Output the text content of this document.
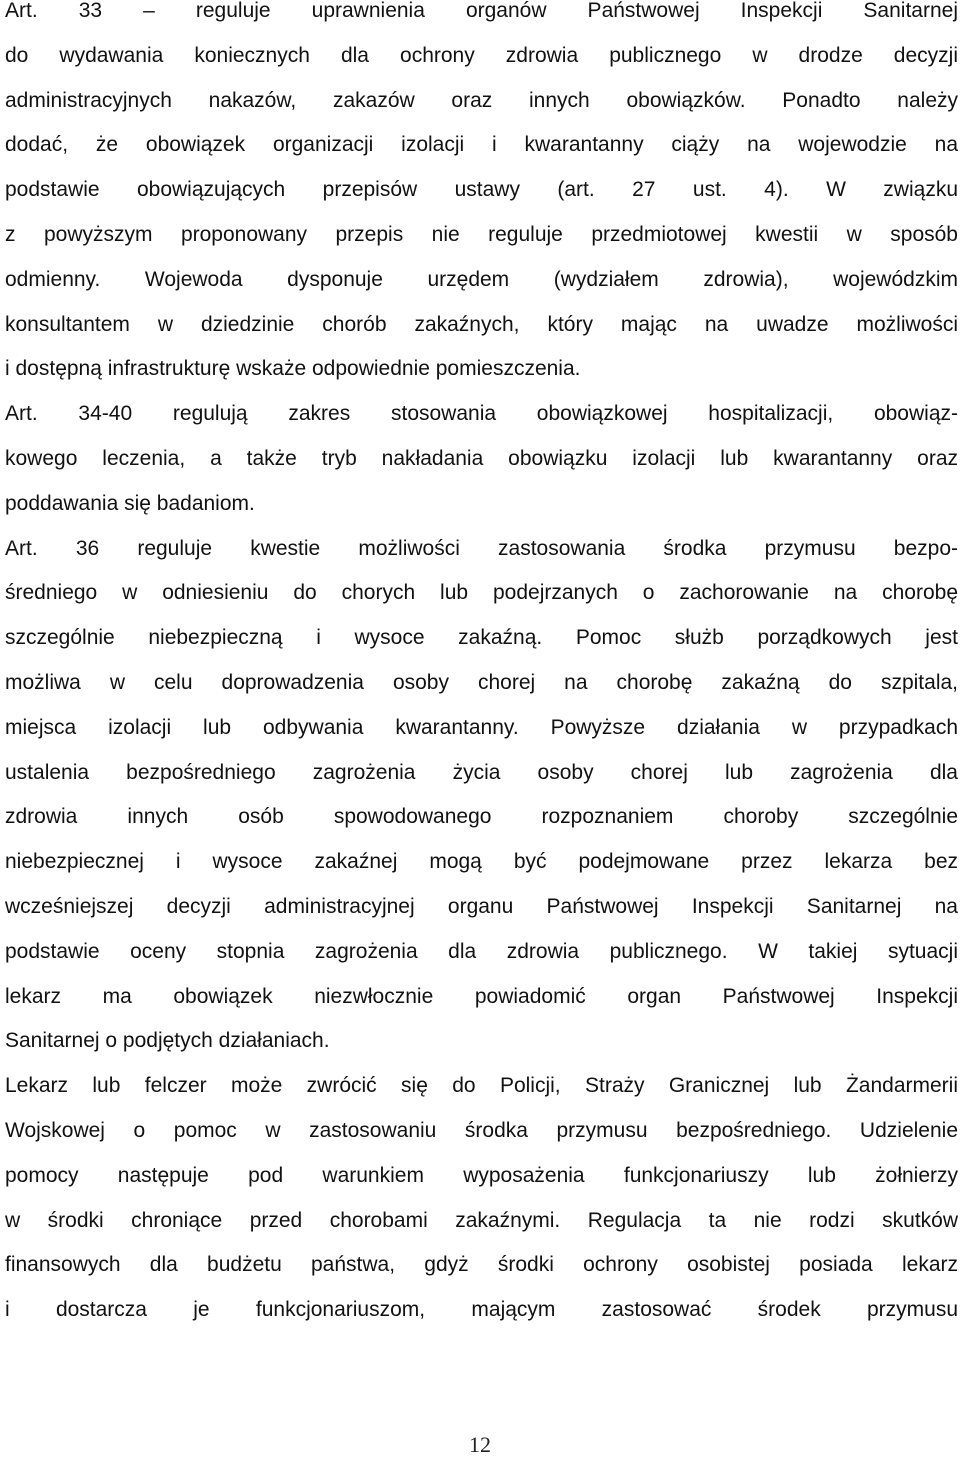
Art. 33 – reguluje uprawnienia organów Państwowej Inspekcji Sanitarnej
do wydawania koniecznych dla ochrony zdrowia publicznego w drodze decyzji
administracyjnych nakazów, zakazów oraz innych obowiązków. Ponadto należy
dodać, że obowiązek organizacji izolacji i kwarantanny ciąży na wojewodzie na
podstawie obowiązujących przepisów ustawy (art. 27 ust. 4). W związku
z powyższym proponowany przepis nie reguluje przedmiotowej kwestii w sposób
odmienny. Wojewoda dysponuje urzędem (wydziałem zdrowia), wojewódzkim
konsultantem w dziedzinie chorób zakaźnych, który mając na uwadze możliwości
i dostępną infrastrukturę wskaże odpowiednie pomieszczenia.
Art. 34-40 regulują zakres stosowania obowiązkowej hospitalizacji, obowiąz-
kowego leczenia, a także tryb nakładania obowiązku izolacji lub kwarantanny oraz
poddawania się badaniom.
Art. 36 reguluje kwestie możliwości zastosowania środka przymusu bezpo-
średniego w odniesieniu do chorych lub podejrzanych o zachorowanie na chorobę
szczególnie niebezpieczną i wysoce zakaźną. Pomoc służb porządkowych jest
możliwa w celu doprowadzenia osoby chorej na chorobę zakaźną do szpitala,
miejsca izolacji lub odbywania kwarantanny. Powyższe działania w przypadkach
ustalenia bezpośredniego zagrożenia życia osoby chorej lub zagrożenia dla
zdrowia innych osób spowodowanego rozpoznaniem choroby szczególnie
niebezpiecznej i wysoce zakaźnej mogą być podejmowane przez lekarza bez
wcześniejszej decyzji administracyjnej organu Państwowej Inspekcji Sanitarnej na
podstawie oceny stopnia zagrożenia dla zdrowia publicznego. W takiej sytuacji
lekarz ma obowiązek niezwłocznie powiadomić organ Państwowej Inspekcji
Sanitarnej o podjętych działaniach.
Lekarz lub felczer może zwrócić się do Policji, Straży Granicznej lub Żandarmerii
Wojskowej o pomoc w zastosowaniu środka przymusu bezpośredniego. Udzielenie
pomocy następuje pod warunkiem wyposażenia funkcjonariuszy lub żołnierzy
w środki chroniące przed chorobami zakaźnymi. Regulacja ta nie rodzi skutków
finansowych dla budżetu państwa, gdyż środki ochrony osobistej posiada lekarz
i dostarcza je funkcjonariuszom, mającym zastosować środek przymusu
12
